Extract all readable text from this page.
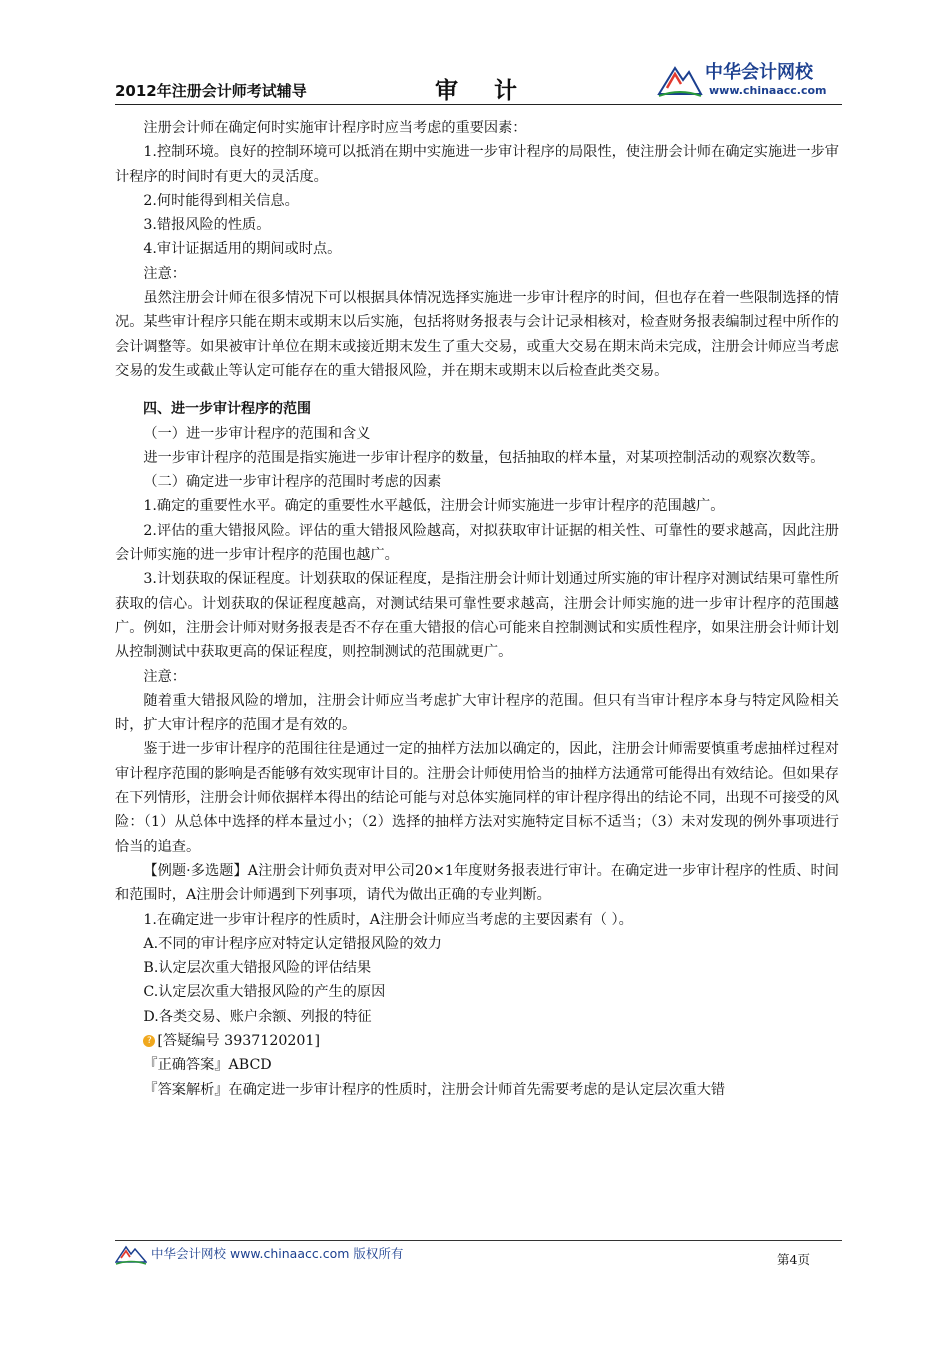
2012年注册会计师考试辅导	审计
中华会计网校
www.chinaacc.com

注册会计师在确定何时实施审计程序时应当考虑的重要因素：

1.控制环境。良好的控制环境可以抵消在期中实施进一步审计程序的局限性，使注册会计师在确定实施进一步审计程序的时间时有更大的灵活度。

2.何时能得到相关信息。

3.错报风险的性质。

4.审计证据适用的期间或时点。

注意：

虽然注册会计师在很多情况下可以根据具体情况选择实施进一步审计程序的时间，但也存在着一些限制选择的情况。某些审计程序只能在期末或期末以后实施，包括将财务报表与会计记录相核对，检查财务报表编制过程中所作的会计调整等。如果被审计单位在期末或接近期末发生了重大交易，或重大交易在期末尚未完成，注册会计师应当考虑交易的发生或截止等认定可能存在的重大错报风险，并在期末或期末以后检查此类交易。

四、进一步审计程序的范围

（一）进一步审计程序的范围和含义

进一步审计程序的范围是指实施进一步审计程序的数量，包括抽取的样本量，对某项控制活动的观察次数等。

（二）确定进一步审计程序的范围时考虑的因素

1.确定的重要性水平。确定的重要性水平越低，注册会计师实施进一步审计程序的范围越广。

2.评估的重大错报风险。评估的重大错报风险越高，对拟获取审计证据的相关性、可靠性的要求越高，因此注册会计师实施的进一步审计程序的范围也越广。

3.计划获取的保证程度。计划获取的保证程度，是指注册会计师计划通过所实施的审计程序对测试结果可靠性所获取的信心。计划获取的保证程度越高，对测试结果可靠性要求越高，注册会计师实施的进一步审计程序的范围越广。例如，注册会计师对财务报表是否不存在重大错报的信心可能来自控制测试和实质性程序，如果注册会计师计划从控制测试中获取更高的保证程度，则控制测试的范围就更广。

注意：

随着重大错报风险的增加，注册会计师应当考虑扩大审计程序的范围。但只有当审计程序本身与特定风险相关时，扩大审计程序的范围才是有效的。

鉴于进一步审计程序的范围往往是通过一定的抽样方法加以确定的，因此，注册会计师需要慎重考虑抽样过程对审计程序范围的影响是否能够有效实现审计目的。注册会计师使用恰当的抽样方法通常可能得出有效结论。但如果存在下列情形，注册会计师依据样本得出的结论可能与对总体实施同样的审计程序得出的结论不同，出现不可接受的风险：（1）从总体中选择的样本量过小；（2）选择的抽样方法对实施特定目标不适当；（3）未对发现的例外事项进行恰当的追查。

【例题·多选题】A注册会计师负责对甲公司20×1年度财务报表进行审计。在确定进一步审计程序的性质、时间和范围时，A注册会计师遇到下列事项，请代为做出正确的专业判断。

1.在确定进一步审计程序的性质时，A注册会计师应当考虑的主要因素有（ ）。

A.不同的审计程序应对特定认定错报风险的效力

B.认定层次重大错报风险的评估结果

C.认定层次重大错报风险的产生的原因

D.各类交易、账户余额、列报的特征

? [答疑编号 3937120201]

『正确答案』ABCD

『答案解析』在确定进一步审计程序的性质时，注册会计师首先需要考虑的是认定层次重大错

中华会计网校 www.chinaacc.com 版权所有	第4页
